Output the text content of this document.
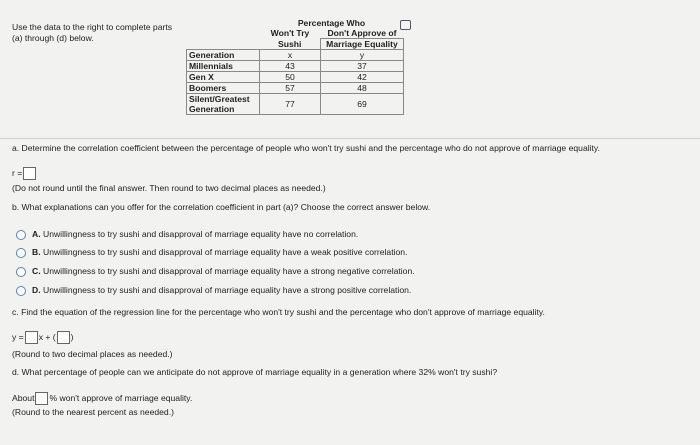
Use the data to the right to complete parts (a) through (d) below.
	Percentage Who	
	Won't Try	Don't Approve of
	Sushi	Marriage Equality
Generation	x	y
Millennials	43	37
Gen X	50	42
Boomers	57	48

Silent/Greatest
Generation	77	69
a. Determine the correlation coefficient between the percentage of people who won't try sushi and the percentage who do not approve of marriage equality.
r =
(Do not round until the final answer. Then round to two decimal places as needed.)
b. What explanations can you offer for the correlation coefficient in part (a)? Choose the correct answer below.
A. Unwillingness to try sushi and disapproval of marriage equality have no correlation.
B. Unwillingness to try sushi and disapproval of marriage equality have a weak positive correlation.
C. Unwillingness to try sushi and disapproval of marriage equality have a strong negative correlation.
D. Unwillingness to try sushi and disapproval of marriage equality have a strong positive correlation.
c. Find the equation of the regression line for the percentage who won't try sushi and the percentage who don't approve of marriage equality.
y = x + ( )
(Round to two decimal places as needed.)
d. What percentage of people can we anticipate do not approve of marriage equality in a generation where 32% won't try sushi?
About % won't approve of marriage equality.
(Round to the nearest percent as needed.)
